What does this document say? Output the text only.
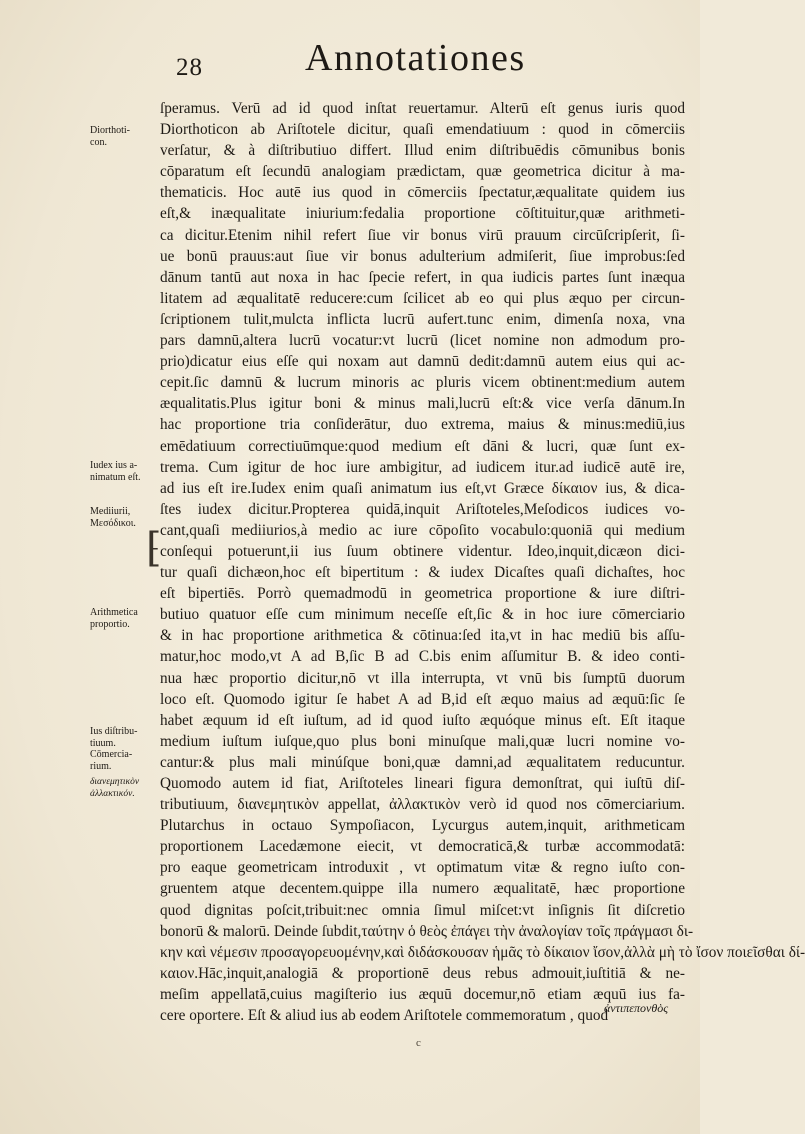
28	Annotationes
ſperamus. Verū ad id quod inſtat reuertamur. Alterū eſt genus iuris quod
Diorthoticon ab Ariſtotele dicitur, quaſi emendatiuum : quod in cōmerciis
verſatur, & à diſtributiuo differt. Illud enim diſtribuēdis cōmunibus bonis
cōparatum eſt ſecundū analogiam prædictam, quæ geometrica dicitur à ma-
thematicis. Hoc autē ius quod in cōmerciis ſpectatur,æqualitate quidem ius
eſt,& inæqualitate iniurium:fedalia proportione cōſtituitur,quæ arithmeti-
ca dicitur.Etenim nihil refert ſiue vir bonus virū prauum circūſcripſerit, ſi-
ue bonū prauus:aut ſiue vir bonus adulterium admiſerit, ſiue improbus:ſed
dānum tantū aut noxa in hac ſpecie refert, in qua iudicis partes ſunt inæqua
litatem ad æqualitatē reducere:cum ſcilicet ab eo qui plus æquo per circun-
ſcriptionem tulit,mulcta inflicta lucrū aufert.tunc enim, dimenſa noxa, vna
pars damnū,altera lucrū vocatur:vt lucrū (licet nomine non admodum pro-
prio)dicatur eius eſſe qui noxam aut damnū dedit:damnū autem eius qui ac-
cepit.ſic damnū & lucrum minoris ac pluris vicem obtinent:medium autem
æqualitatis.Plus igitur boni & minus mali,lucrū eſt:& vice verſa dānum.In
hac proportione tria conſiderātur, duo extrema, maius & minus:mediū,ius
emēdatiuum correctiuūmque:quod medium eſt dāni & lucri, quæ ſunt ex-
trema. Cum igitur de hoc iure ambigitur, ad iudicem itur.ad iudicē autē ire,
ad ius eſt ire.Iudex enim quaſi animatum ius eſt,vt Græce δίκαιον ius, & dica-
ſtes iudex dicitur.Propterea quidā,inquit Ariſtoteles,Meſodicos iudices vo-
cant,quaſi mediiurios,à medio ac iure cōpoſito vocabulo:quoniā qui medium
conſequi potuerunt,ii ius ſuum obtinere videntur. Ideo,inquit,dicæon dici-
tur quaſi dichæon,hoc eſt bipertitum : & iudex Dicaſtes quaſi dichaſtes, hoc
eſt bipertiēs. Porrò quemadmodū in geometrica proportione & iure diſtri-
butiuo quatuor eſſe cum minimum neceſſe eſt,ſic & in hoc iure cōmerciario
& in hac proportione arithmetica & cōtinua:ſed ita,vt in hac mediū bis aſſu-
matur,hoc modo,vt A ad B,ſic B ad C.bis enim aſſumitur B. & ideo conti-
nua hæc proportio dicitur,nō vt illa interrupta, vt vnū bis ſumptū duorum
loco eſt. Quomodo igitur ſe habet A ad B,id eſt æquo maius ad æquū:ſic ſe
habet æquum id eſt iuſtum, ad id quod iuſto æquóque minus eſt. Eſt itaque
medium iuſtum iuſque,quo plus boni minuſque mali,quæ lucri nomine vo-
cantur:& plus mali minúſque boni,quæ damni,ad æqualitatem reducuntur.
Quomodo autem id fiat, Ariſtoteles lineari figura demonſtrat, qui iuſtū diſ-
tributiuum, διανεμητικὸν appellat, ἀλλακτικὸν verò id quod nos cōmerciarium.
Plutarchus in octauo Sympoſiacon, Lycurgus autem,inquit, arithmeticam
proportionem Lacedæmone eiecit, vt democraticā,& turbæ accommodatā:
pro eaque geometricam introduxit , vt optimatum vitæ & regno iuſto con-
gruentem atque decentem.quippe illa numero æqualitatē, hæc proportione
quod dignitas poſcit,tribuit:nec omnia ſimul miſcet:vt inſignis ſit diſcretio
bonorū & malorū. Deinde ſubdit,ταύτην ὁ θεὸς ἐπάγει τὴν ἀναλογίαν τοῖς πράγμασι δι-
κην καὶ νέμεσιν προσαγορευομένην,καὶ διδάσκουσαν ἡμᾶς τὸ δίκαιον ἴσον,ἀλλὰ μὴ τὸ ἴσον ποιεῖσθαι δί-
καιον.Hāc,inquit,analogiā & proportionē deus rebus admouit,iuſtitiā & ne-
meſim appellatā,cuius magiſterio ius æquū docemur,nō etiam æquū ius fa-
cere oportere. Eſt & aliud ius ab eodem Ariſtotele commemoratum , quod
ἀντιπεπονθὸς
Diorthoti-
con.
Iudex ius a-
nimatum eſt.
Mediiurii,
Μεσόδικοι.
Arithmetica
proportio.
Ius diſtribu-
tiuum.
Cōmercia-
rium.
διανεμητικὸν
ἀλλακτικόν.
⁅
c
